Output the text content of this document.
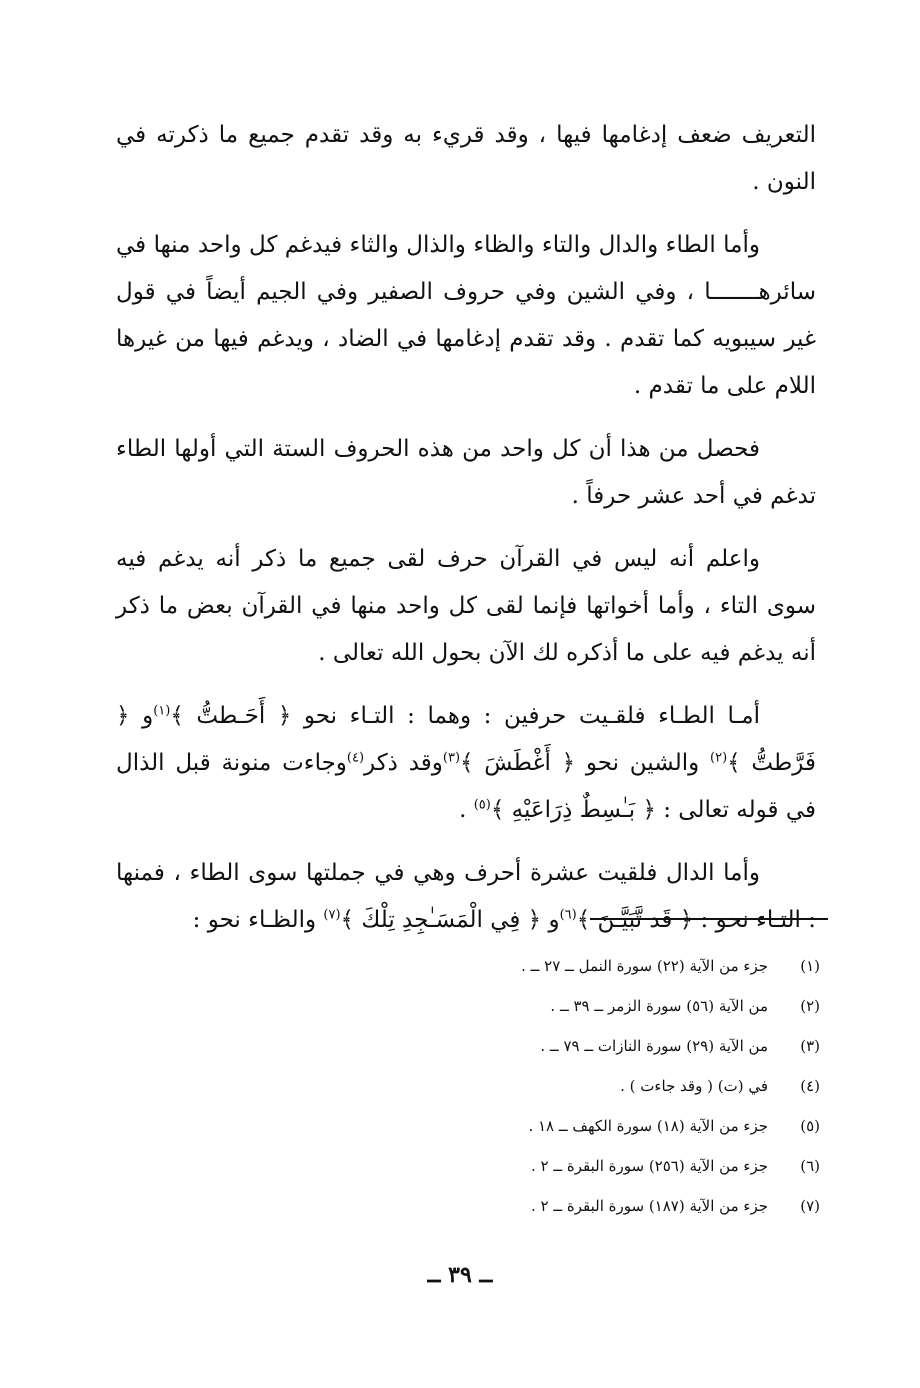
التعريف ضعف إدغامها فيها ، وقد قريء به وقد تقدم جميع ما ذكرته في النون .

وأما الطاء والدال والتاء والظاء والذال والثاء فيدغم كل واحد منها في سائرهـــــــا ، وفي الشين وفي حروف الصفير وفي الجيم أيضاً في قول غير سيبويه كما تقدم . وقد تقدم إدغامها في الضاد ، ويدغم فيها من غيرها اللام على ما تقدم .

فحصل من هذا أن كل واحد من هذه الحروف الستة التي أولها الطاء تدغم في أحد عشر حرفاً .

واعلم أنه ليس في القرآن حرف لقى جميع ما ذكر أنه يدغم فيه سوى التاء ، وأما أخواتها فإنما لقى كل واحد منها في القرآن بعض ما ذكر أنه يدغم فيه على ما أذكره لك الآن بحول الله تعالى .

أمـا الطـاء فلقـيت حرفين : وهما : التـاء نحو ﴿ أَحَـطتُّ ﴾$^{(١)}$و ﴿ فَرَّطتُّ ﴾$^{(٢)}$ والشين نحو ﴿ أَغْطَشَ ﴾$^{(٣)}$وقد ذكر$^{(٤)}$وجاءت منونة قبل الذال في قوله تعالى : ﴿ بَـٰسِطٌ ذِرَاعَيْهِ ﴾$^{(٥)}$ .

وأما الدال فلقيت عشرة أحرف وهي في جملتها سوى الطاء ، فمنها : التـاء نحو : ﴿ قَد تَّبَيَّـنَ ﴾$^{(٦)}$و ﴿ فِي الْمَسَـٰجِدِ تِلْكَ ﴾$^{(٧)}$ والظـاء نحو :

(١)
جزء من الآية (٢٢) سورة النمل ــ ٢٧ ــ .
(٢)
من الآية (٥٦) سورة الزمر ــ ٣٩ ــ .
(٣)
من الآية (٢٩) سورة النازات ــ ٧٩ ــ .
(٤)
في (ت) ( وقد جاءت ) .
(٥)
جزء من الآية (١٨) سورة الكهف ــ ١٨ .
(٦)
جزء من الآية (٢٥٦) سورة البقرة ــ ٢ .
(٧)
جزء من الآية (١٨٧) سورة البقرة ــ ٢ .
ــ ٣٩ ــ
